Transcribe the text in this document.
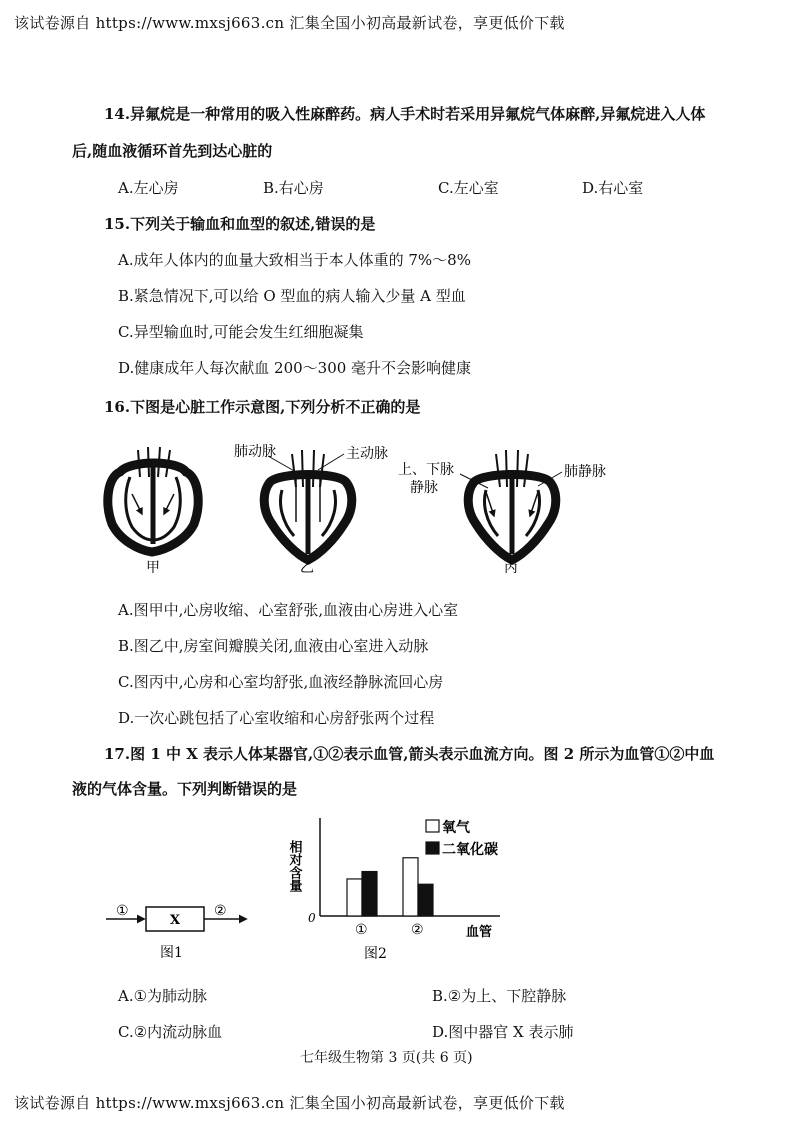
该试卷源自 https://www.mxsj663.cn 汇集全国小初高最新试卷，享更低价下载
该试卷源自 https://www.mxsj663.cn 汇集全国小初高最新试卷，享更低价下载
14.异氟烷是一种常用的吸入性麻醉药。病人手术时若采用异氟烷气体麻醉,异氟烷进入人体
后,随血液循环首先到达心脏的
A.左心房	B.右心房	C.左心室	D.右心室
15.下列关于输血和血型的叙述,错误的是
A.成年人体内的血量大致相当于本人体重的 7%～8%
B.紧急情况下,可以给 O 型血的病人输入少量 A 型血
C.异型输血时,可能会发生红细胞凝集
D.健康成年人每次献血 200～300 毫升不会影响健康
16.下图是心脏工作示意图,下列分析不正确的是
甲
肺动脉	主动脉
乙
上、下脉
静脉
肺静脉
丙
A.图甲中,心房收缩、心室舒张,血液由心房进入心室
B.图乙中,房室间瓣膜关闭,血液由心室进入动脉
C.图丙中,心房和心室均舒张,血液经静脉流回心房
D.一次心跳包括了心室收缩和心房舒张两个过程
17.图 1 中 X 表示人体某器官,①②表示血管,箭头表示血流方向。图 2 所示为血管①②中血
液的气体含量。下列判断错误的是
①
X
②
图1
相对含量
0
①	②	血管
氧气
二氧化碳
图2
A.①为肺动脉	B.②为上、下腔静脉
C.②内流动脉血	D.图中器官 X 表示肺
七年级生物第 3 页(共 6 页)
